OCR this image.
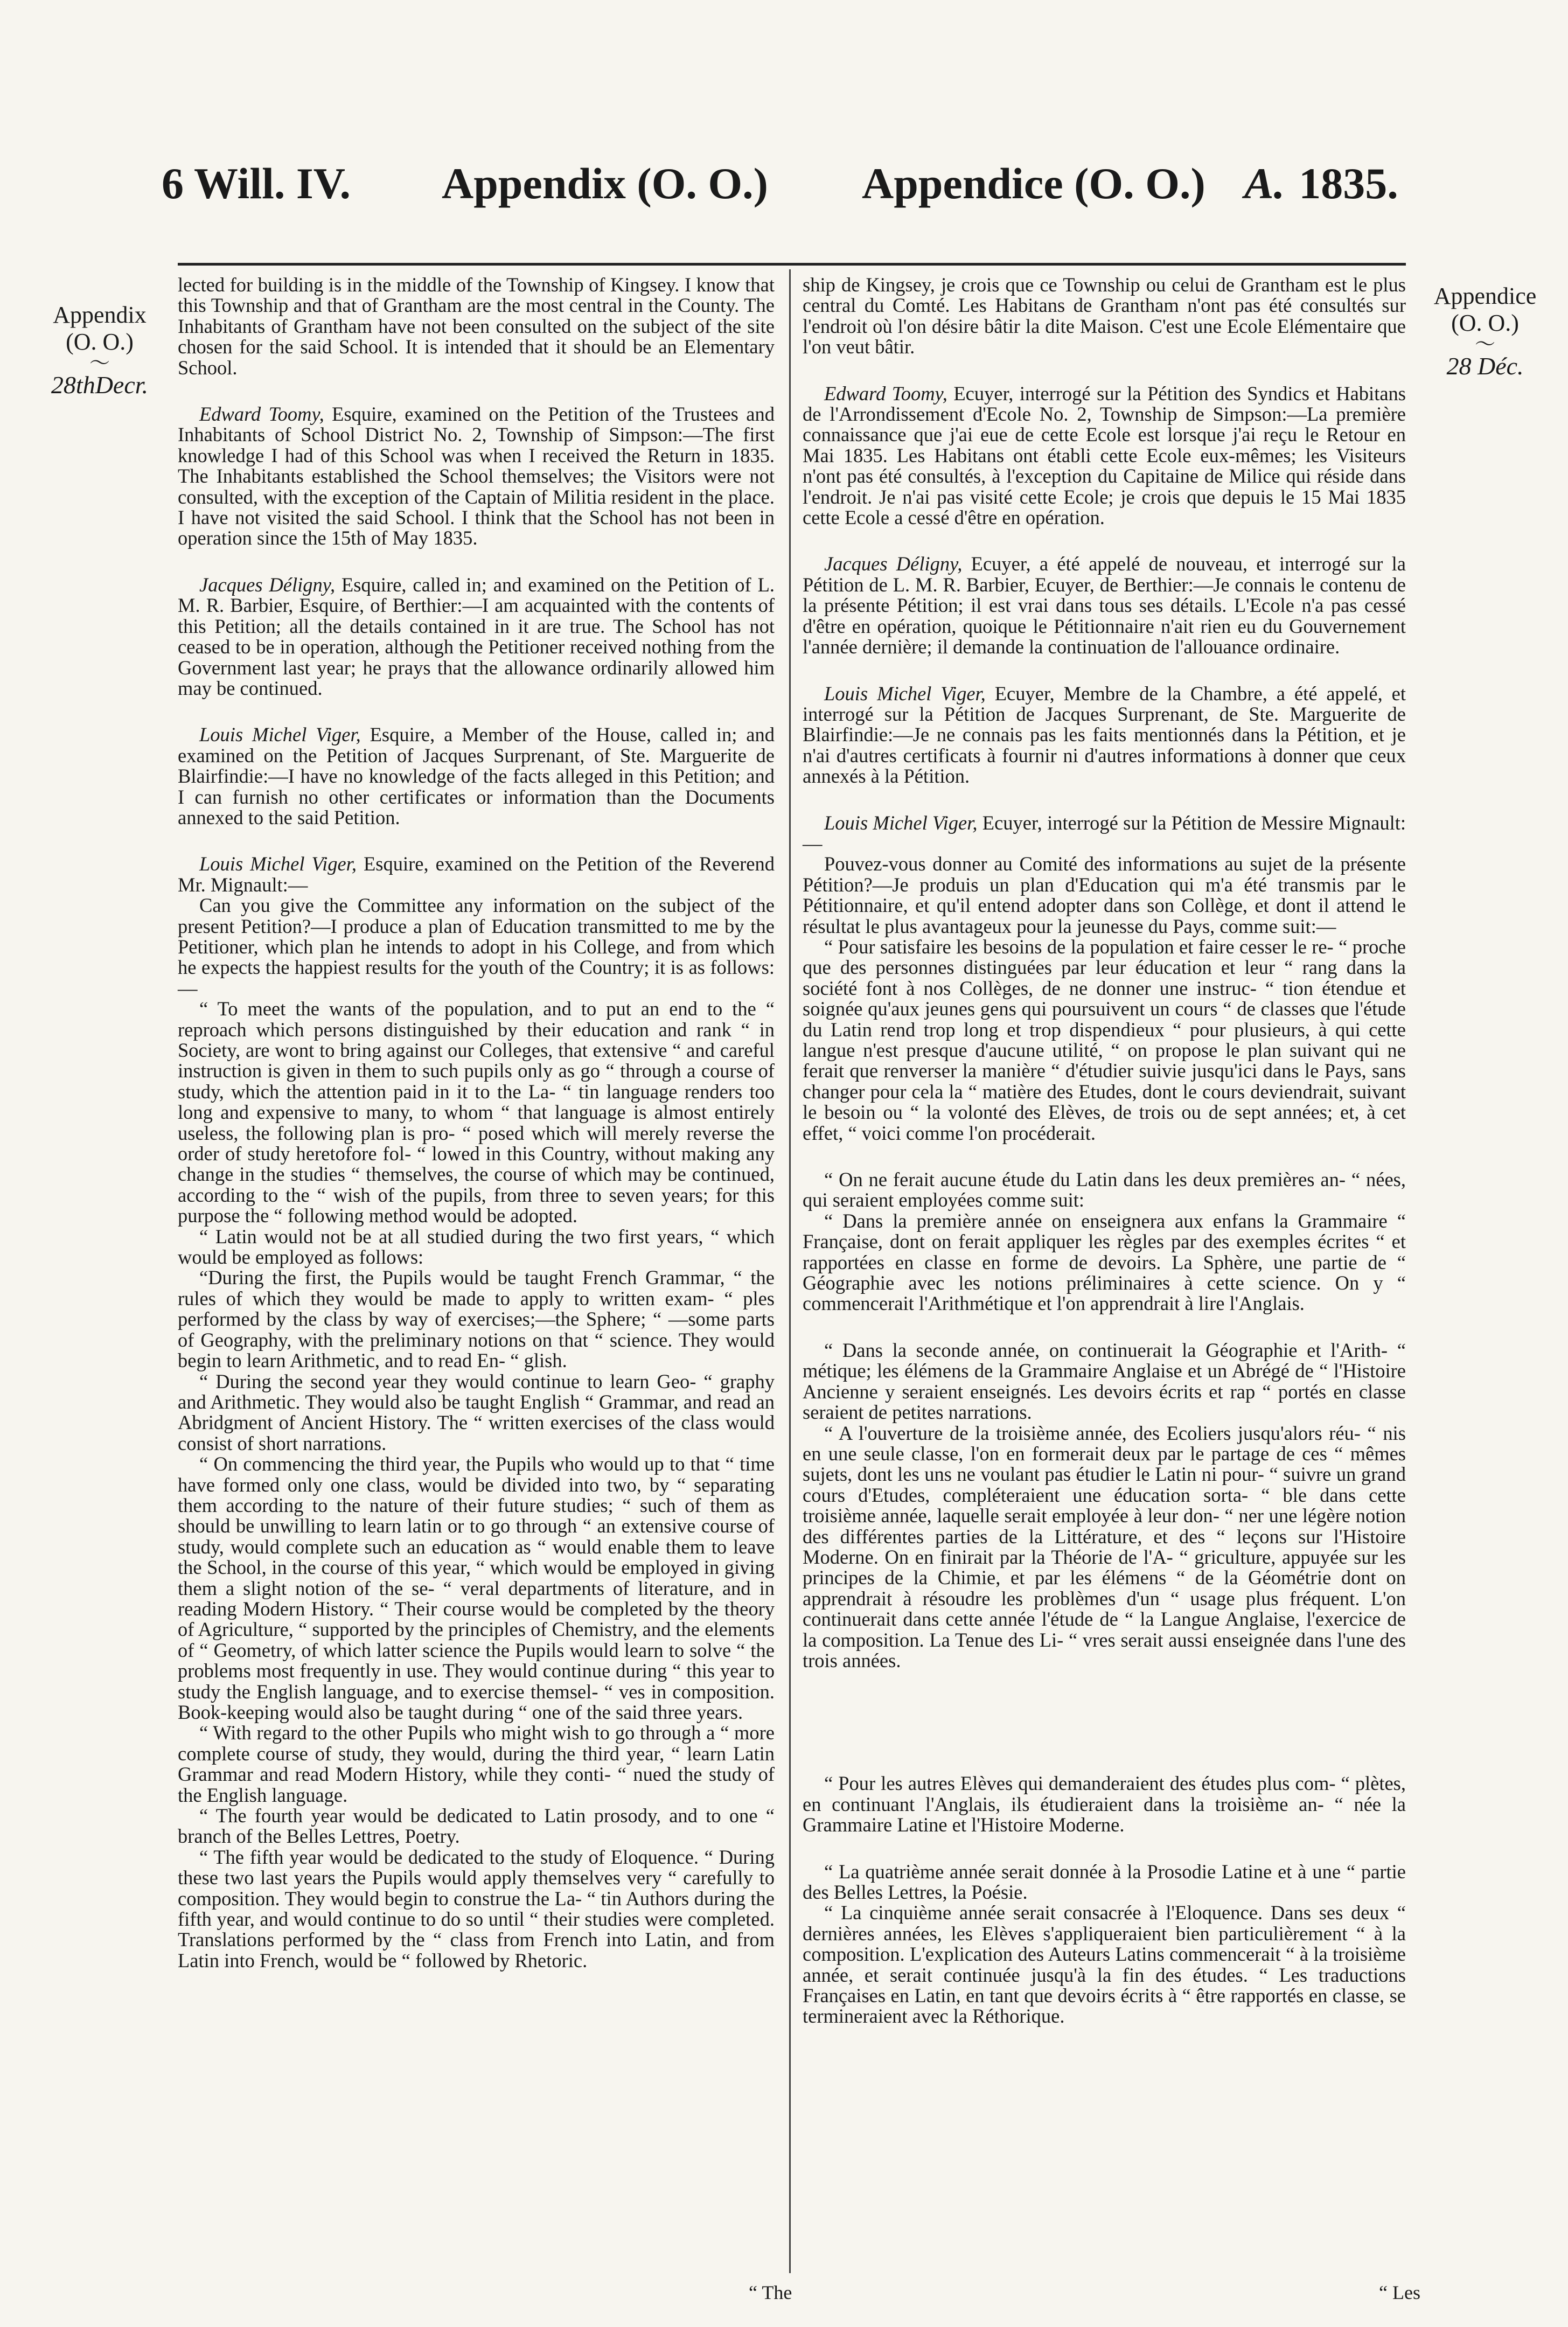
6 Will. IV. Appendix (O. O.) Appendice (O. O.) A. 1835.
Appendix
(O. O.)
〜
28thDecr.
Appendice
(O. O.)
〜
28 Déc.

lected for building is in the middle of the Township of Kingsey. I know that this Township and that of Grantham are the most central in the County. The Inhabitants of Grantham have not been consulted on the subject of the site chosen for the said School. It is intended that it should be an Elementary School.

Edward Toomy, Esquire, examined on the Petition of the Trustees and Inhabitants of School District No. 2, Township of Simpson:—The first knowledge I had of this School was when I received the Return in 1835. The Inhabitants established the School themselves; the Visitors were not consulted, with the exception of the Captain of Militia resident in the place. I have not visited the said School. I think that the School has not been in operation since the 15th of May 1835.

Jacques Déligny, Esquire, called in; and examined on the Petition of L. M. R. Barbier, Esquire, of Berthier:—I am acquainted with the contents of this Petition; all the details contained in it are true. The School has not ceased to be in operation, although the Petitioner received nothing from the Government last year; he prays that the allowance ordinarily allowed him may be continued.

Louis Michel Viger, Esquire, a Member of the House, called in; and examined on the Petition of Jacques Surprenant, of Ste. Marguerite de Blairfindie:—I have no knowledge of the facts alleged in this Petition; and I can furnish no other certificates or information than the Documents annexed to the said Petition.

Louis Michel Viger, Esquire, examined on the Petition of the Reverend Mr. Mignault:—

Can you give the Committee any information on the subject of the present Petition?—I produce a plan of Education transmitted to me by the Petitioner, which plan he intends to adopt in his College, and from which he expects the happiest results for the youth of the Country; it is as follows:—

“ To meet the wants of the population, and to put an end to the “ reproach which persons distinguished by their education and rank “ in Society, are wont to bring against our Colleges, that extensive “ and careful instruction is given in them to such pupils only as go “ through a course of study, which the attention paid in it to the La- “ tin language renders too long and expensive to many, to whom “ that language is almost entirely useless, the following plan is pro- “ posed which will merely reverse the order of study heretofore fol- “ lowed in this Country, without making any change in the studies “ themselves, the course of which may be continued, according to the “ wish of the pupils, from three to seven years; for this purpose the “ following method would be adopted.

“ Latin would not be at all studied during the two first years, “ which would be employed as follows:

“During the first, the Pupils would be taught French Grammar, “ the rules of which they would be made to apply to written exam- “ ples performed by the class by way of exercises;—the Sphere; “ —some parts of Geography, with the preliminary notions on that “ science. They would begin to learn Arithmetic, and to read En- “ glish.

“ During the second year they would continue to learn Geo- “ graphy and Arithmetic. They would also be taught English “ Grammar, and read an Abridgment of Ancient History. The “ written exercises of the class would consist of short narrations.

“ On commencing the third year, the Pupils who would up to that “ time have formed only one class, would be divided into two, by “ separating them according to the nature of their future studies; “ such of them as should be unwilling to learn latin or to go through “ an extensive course of study, would complete such an education as “ would enable them to leave the School, in the course of this year, “ which would be employed in giving them a slight notion of the se- “ veral departments of literature, and in reading Modern History. “ Their course would be completed by the theory of Agriculture, “ supported by the principles of Chemistry, and the elements of “ Geometry, of which latter science the Pupils would learn to solve “ the problems most frequently in use. They would continue during “ this year to study the English language, and to exercise themsel- “ ves in composition. Book-keeping would also be taught during “ one of the said three years.

“ With regard to the other Pupils who might wish to go through a “ more complete course of study, they would, during the third year, “ learn Latin Grammar and read Modern History, while they conti- “ nued the study of the English language.

“ The fourth year would be dedicated to Latin prosody, and to one “ branch of the Belles Lettres, Poetry.

“ The fifth year would be dedicated to the study of Eloquence. “ During these two last years the Pupils would apply themselves very “ carefully to composition. They would begin to construe the La- “ tin Authors during the fifth year, and would continue to do so until “ their studies were completed. Translations performed by the “ class from French into Latin, and from Latin into French, would be “ followed by Rhetoric.

ship de Kingsey, je crois que ce Township ou celui de Grantham est le plus central du Comté. Les Habitans de Grantham n'ont pas été consultés sur l'endroit où l'on désire bâtir la dite Maison. C'est une Ecole Elémentaire que l'on veut bâtir.

Edward Toomy, Ecuyer, interrogé sur la Pétition des Syndics et Habitans de l'Arrondissement d'Ecole No. 2, Township de Simpson:—La première connaissance que j'ai eue de cette Ecole est lorsque j'ai reçu le Retour en Mai 1835. Les Habitans ont établi cette Ecole eux-mêmes; les Visiteurs n'ont pas été consultés, à l'exception du Capitaine de Milice qui réside dans l'endroit. Je n'ai pas visité cette Ecole; je crois que depuis le 15 Mai 1835 cette Ecole a cessé d'être en opération.

Jacques Déligny, Ecuyer, a été appelé de nouveau, et interrogé sur la Pétition de L. M. R. Barbier, Ecuyer, de Berthier:—Je connais le contenu de la présente Pétition; il est vrai dans tous ses détails. L'Ecole n'a pas cessé d'être en opération, quoique le Pétitionnaire n'ait rien eu du Gouvernement l'année dernière; il demande la continuation de l'allouance ordinaire.

Louis Michel Viger, Ecuyer, Membre de la Chambre, a été appelé, et interrogé sur la Pétition de Jacques Surprenant, de Ste. Marguerite de Blairfindie:—Je ne connais pas les faits mentionnés dans la Pétition, et je n'ai d'autres certificats à fournir ni d'autres informations à donner que ceux annexés à la Pétition.

Louis Michel Viger, Ecuyer, interrogé sur la Pétition de Messire Mignault:—

Pouvez-vous donner au Comité des informations au sujet de la présente Pétition?—Je produis un plan d'Education qui m'a été transmis par le Pétitionnaire, et qu'il entend adopter dans son Collège, et dont il attend le résultat le plus avantageux pour la jeunesse du Pays, comme suit:—

“ Pour satisfaire les besoins de la population et faire cesser le re- “ proche que des personnes distinguées par leur éducation et leur “ rang dans la société font à nos Collèges, de ne donner une instruc- “ tion étendue et soignée qu'aux jeunes gens qui poursuivent un cours “ de classes que l'étude du Latin rend trop long et trop dispendieux “ pour plusieurs, à qui cette langue n'est presque d'aucune utilité, “ on propose le plan suivant qui ne ferait que renverser la manière “ d'étudier suivie jusqu'ici dans le Pays, sans changer pour cela la “ matière des Etudes, dont le cours deviendrait, suivant le besoin ou “ la volonté des Elèves, de trois ou de sept années; et, à cet effet, “ voici comme l'on procéderait.

“ On ne ferait aucune étude du Latin dans les deux premières an- “ nées, qui seraient employées comme suit:

“ Dans la première année on enseignera aux enfans la Grammaire “ Française, dont on ferait appliquer les règles par des exemples écrites “ et rapportées en classe en forme de devoirs. La Sphère, une partie de “ Géographie avec les notions préliminaires à cette science. On y “ commencerait l'Arithmétique et l'on apprendrait à lire l'Anglais.

“ Dans la seconde année, on continuerait la Géographie et l'Arith- “ métique; les élémens de la Grammaire Anglaise et un Abrégé de “ l'Histoire Ancienne y seraient enseignés. Les devoirs écrits et rap “ portés en classe seraient de petites narrations.

“ A l'ouverture de la troisième année, des Ecoliers jusqu'alors réu- “ nis en une seule classe, l'on en formerait deux par le partage de ces “ mêmes sujets, dont les uns ne voulant pas étudier le Latin ni pour- “ suivre un grand cours d'Etudes, compléteraient une éducation sorta- “ ble dans cette troisième année, laquelle serait employée à leur don- “ ner une légère notion des différentes parties de la Littérature, et des “ leçons sur l'Histoire Moderne. On en finirait par la Théorie de l'A- “ griculture, appuyée sur les principes de la Chimie, et par les élémens “ de la Géométrie dont on apprendrait à résoudre les problèmes d'un “ usage plus fréquent. L'on continuerait dans cette année l'étude de “ la Langue Anglaise, l'exercice de la composition. La Tenue des Li- “ vres serait aussi enseignée dans l'une des trois années.

“ Pour les autres Elèves qui demanderaient des études plus com- “ plètes, en continuant l'Anglais, ils étudieraient dans la troisième an- “ née la Grammaire Latine et l'Histoire Moderne.

“ La quatrième année serait donnée à la Prosodie Latine et à une “ partie des Belles Lettres, la Poésie.

“ La cinquième année serait consacrée à l'Eloquence. Dans ses deux “ dernières années, les Elèves s'appliqueraient bien particulièrement “ à la composition. L'explication des Auteurs Latins commencerait “ à la troisième année, et serait continuée jusqu'à la fin des études. “ Les traductions Françaises en Latin, en tant que devoirs écrits à “ être rapportés en classe, se termineraient avec la Réthorique.

“ The	“ Les
